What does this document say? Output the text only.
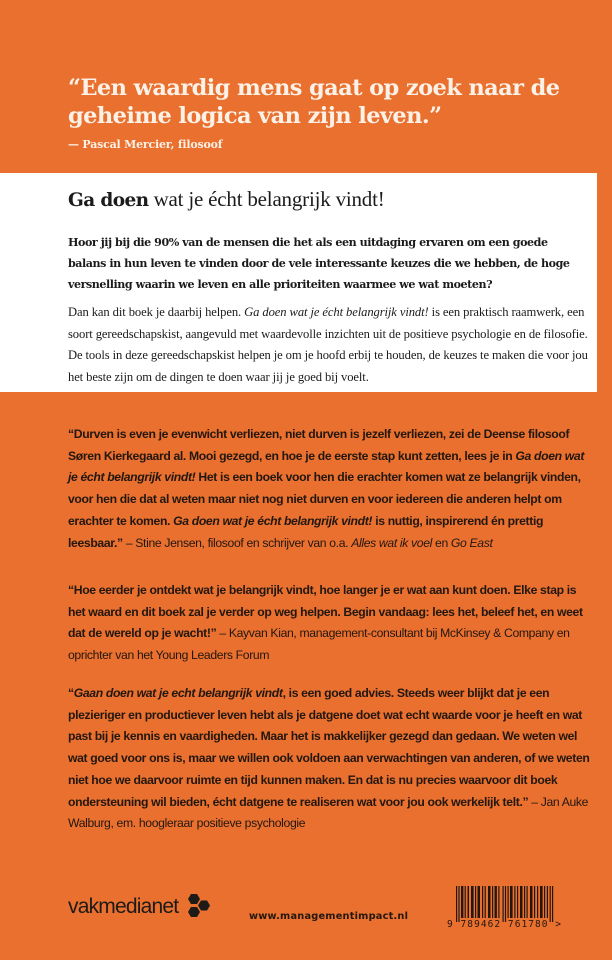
“Een waardig mens gaat op zoek naar de geheime logica van zijn leven.”
— Pascal Mercier, filosoof
Ga doen wat je écht belangrijk vindt!
Hoor jij bij die 90% van de mensen die het als een uitdaging ervaren om een goede balans in hun leven te vinden door de vele interessante keuzes die we hebben, de hoge versnelling waarin we leven en alle prioriteiten waarmee we wat moeten?
Dan kan dit boek je daarbij helpen. Ga doen wat je écht belangrijk vindt! is een praktisch raamwerk, een soort gereedschapskist, aangevuld met waardevolle inzichten uit de positieve psychologie en de filosofie. De tools in deze gereedschapskist helpen je om je hoofd erbij te houden, de keuzes te maken die voor jou het beste zijn om de dingen te doen waar jij je goed bij voelt.
“Durven is even je evenwicht verliezen, niet durven is jezelf verliezen, zei de Deense filosoof Søren Kierkegaard al. Mooi gezegd, en hoe je de eerste stap kunt zetten, lees je in Ga doen wat je écht belangrijk vindt! Het is een boek voor hen die erachter komen wat ze belangrijk vinden, voor hen die dat al weten maar niet nog niet durven en voor iedereen die anderen helpt om erachter te komen. Ga doen wat je écht belangrijk vindt! is nuttig, inspirerend én prettig leesbaar.” – Stine Jensen, filosoof en schrijver van o.a. Alles wat ik voel en Go East
“Hoe eerder je ontdekt wat je belangrijk vindt, hoe langer je er wat aan kunt doen. Elke stap is het waard en dit boek zal je verder op weg helpen. Begin vandaag: lees het, beleef het, en weet dat de wereld op je wacht!” – Kayvan Kian, management-consultant bij McKinsey & Company en oprichter van het Young Leaders Forum
“Gaan doen wat je echt belangrijk vindt, is een goed advies. Steeds weer blijkt dat je een plezieriger en productiever leven hebt als je datgene doet wat echt waarde voor je heeft en wat past bij je kennis en vaardigheden. Maar het is makkelijker gezegd dan gedaan. We weten wel wat goed voor ons is, maar we willen ook voldoen aan verwachtingen van anderen, of we weten niet hoe we daarvoor ruimte en tijd kunnen maken. En dat is nu precies waarvoor dit boek ondersteuning wil bieden, écht datgene te realiseren wat voor jou ook werkelijk telt.” – Jan Auke Walburg, em. hoogleraar positieve psychologie
vakmedianet	www.managementimpact.nl
9 789462 761780 >
